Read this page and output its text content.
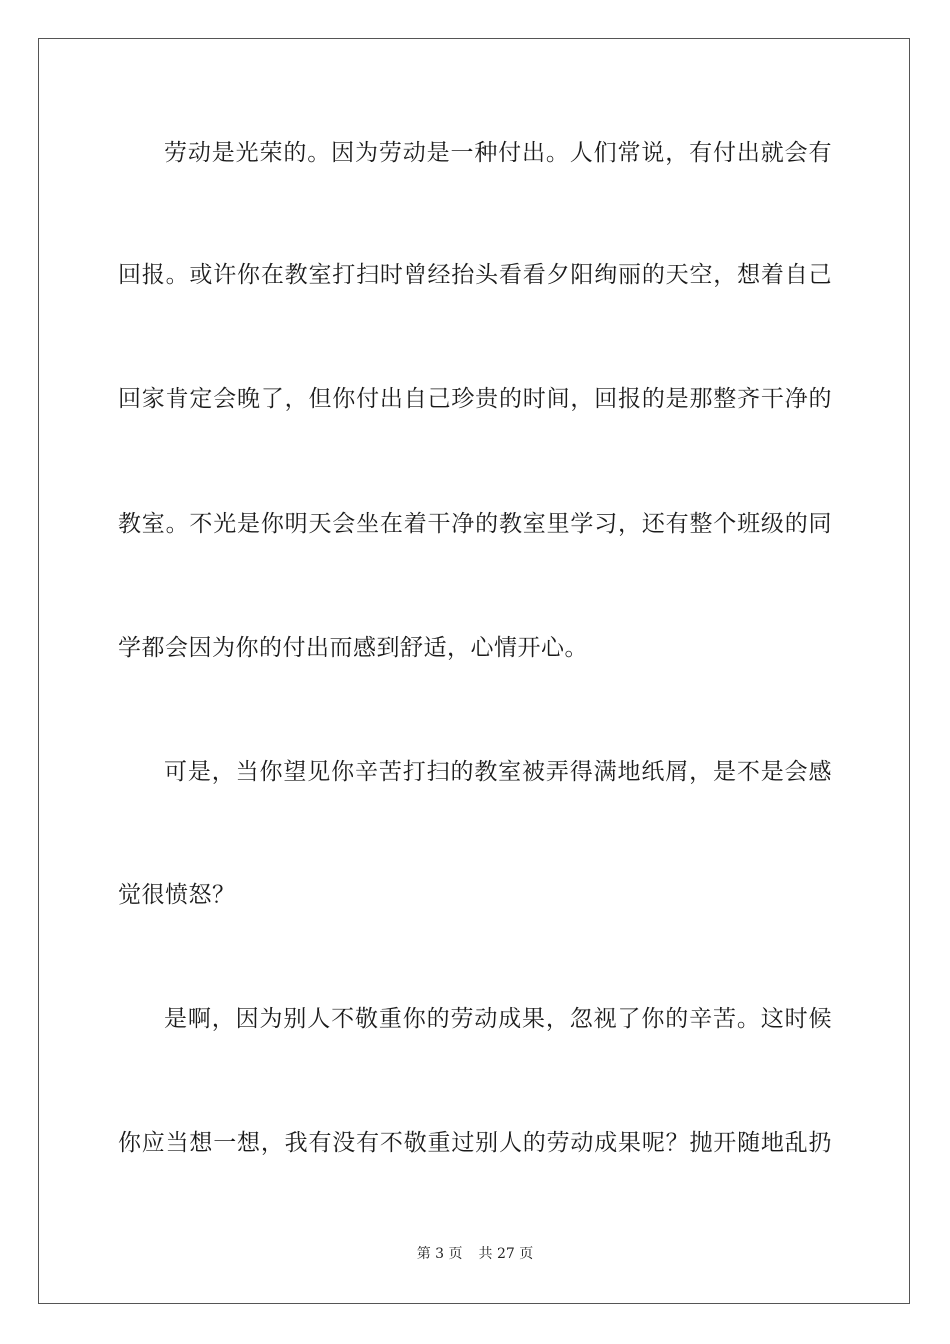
劳动是光荣的。因为劳动是一种付出。人们常说，有付出就会有
回报。或许你在教室打扫时曾经抬头看看夕阳绚丽的天空，想着自己
回家肯定会晚了，但你付出自己珍贵的时间，回报的是那整齐干净的
教室。不光是你明天会坐在着干净的教室里学习，还有整个班级的同
学都会因为你的付出而感到舒适，心情开心。
可是，当你望见你辛苦打扫的教室被弄得满地纸屑，是不是会感
觉很愤怒？
是啊，因为别人不敬重你的劳动成果，忽视了你的辛苦。这时候
你应当想一想，我有没有不敬重过别人的劳动成果呢？抛开随地乱扔
第 3 页 共 27 页
